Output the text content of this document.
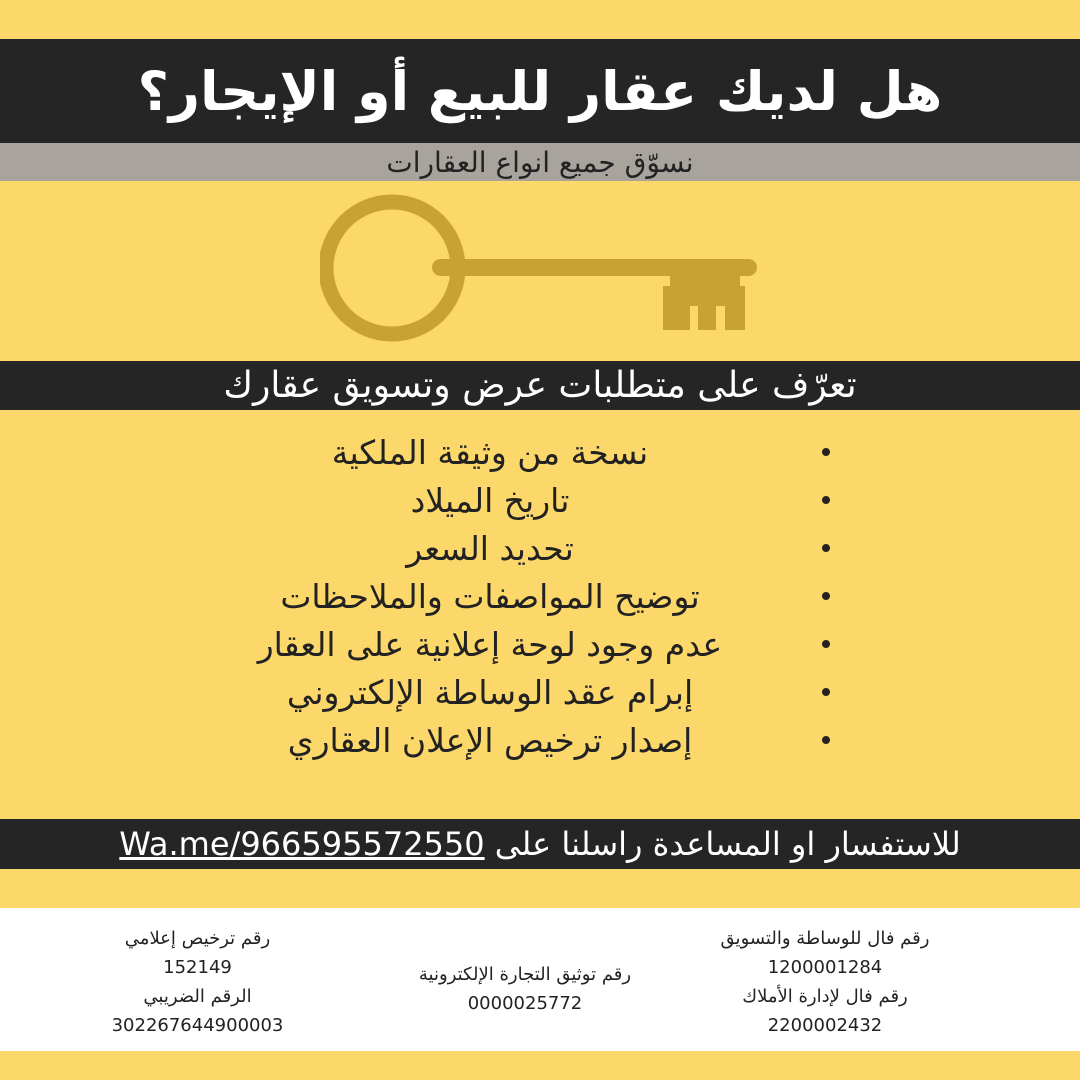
هل لديك عقار للبيع أو الإيجار؟
نسوّق جميع انواع العقارات
تعرّف على متطلبات عرض وتسويق عقارك
نسخة من وثيقة الملكية
تاريخ الميلاد
تحديد السعر
توضيح المواصفات والملاحظات
عدم وجود لوحة إعلانية على العقار
إبرام عقد الوساطة الإلكتروني
إصدار ترخيص الإعلان العقاري
للاستفسار او المساعدة راسلنا على Wa.me/966595572550
رقم ترخيص إعلامي
152149
الرقم الضريبي
302267644900003
رقم توثيق التجارة الإلكترونية
0000025772
رقم فال للوساطة والتسويق
1200001284
رقم فال لإدارة الأملاك
2200002432
